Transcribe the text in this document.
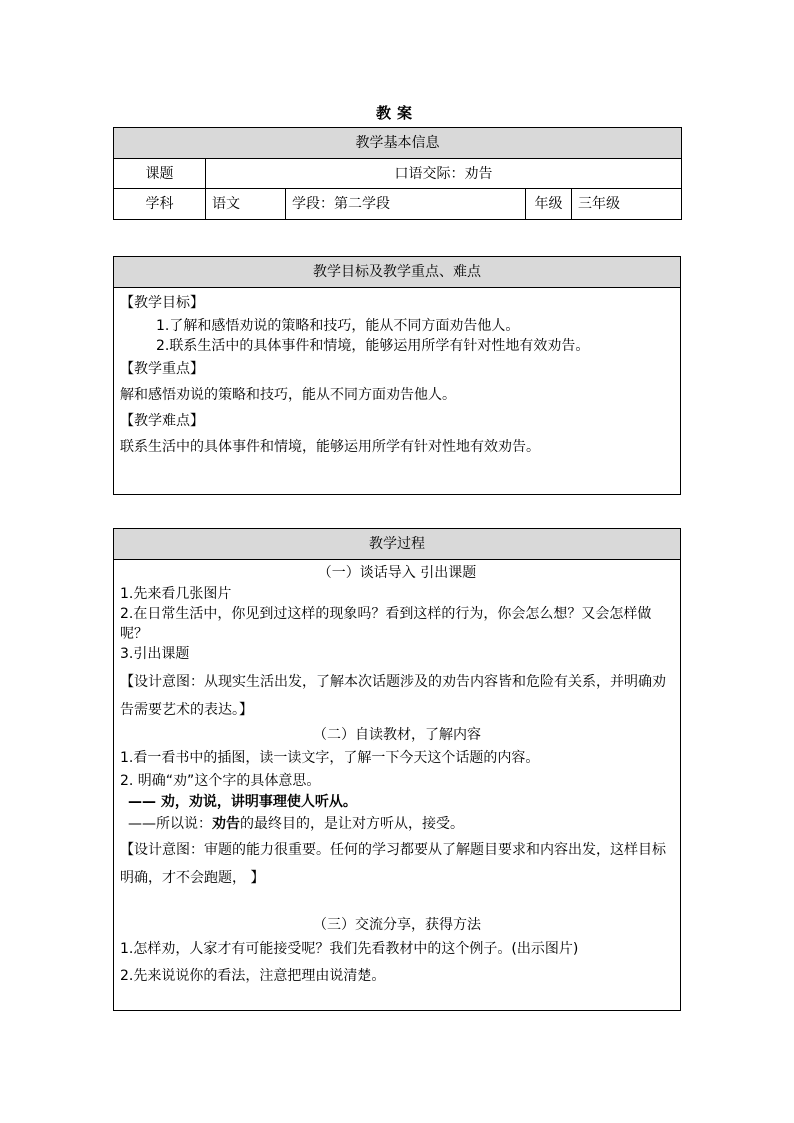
教案
教学基本信息				
课题	口语交际：劝告			
学科	语文	学段：第二学段	年级	三年级
教学目标及教学重点、难点

【教学目标】
1.了解和感悟劝说的策略和技巧，能从不同方面劝告他人。
2.联系生活中的具体事件和情境，能够运用所学有针对性地有效劝告。
【教学重点】
解和感悟劝说的策略和技巧，能从不同方面劝告他人。
【教学难点】
联系生活中的具体事件和情境，能够运用所学有针对性地有效劝告。
教学过程

（一）谈话导入 引出课题
1.先来看几张图片
2.在日常生活中，你见到过这样的现象吗？看到这样的行为，你会怎么想？又会怎样做呢？
3.引出课题
【设计意图：从现实生活出发，了解本次话题涉及的劝告内容皆和危险有关系，并明确劝告需要艺术的表达。】
（二）自读教材，了解内容
1.看一看书中的插图，读一读文字，了解一下今天这个话题的内容。
2. 明确“劝”这个字的具体意思。
—— 劝，劝说，讲明事理使人听从。
——所以说：劝告的最终目的，是让对方听从，接受。
【设计意图：审题的能力很重要。任何的学习都要从了解题目要求和内容出发，这样目标明确，才不会跑题， 】
（三）交流分享，获得方法
1.怎样劝，人家才有可能接受呢？我们先看教材中的这个例子。(出示图片)
2.先来说说你的看法，注意把理由说清楚。
